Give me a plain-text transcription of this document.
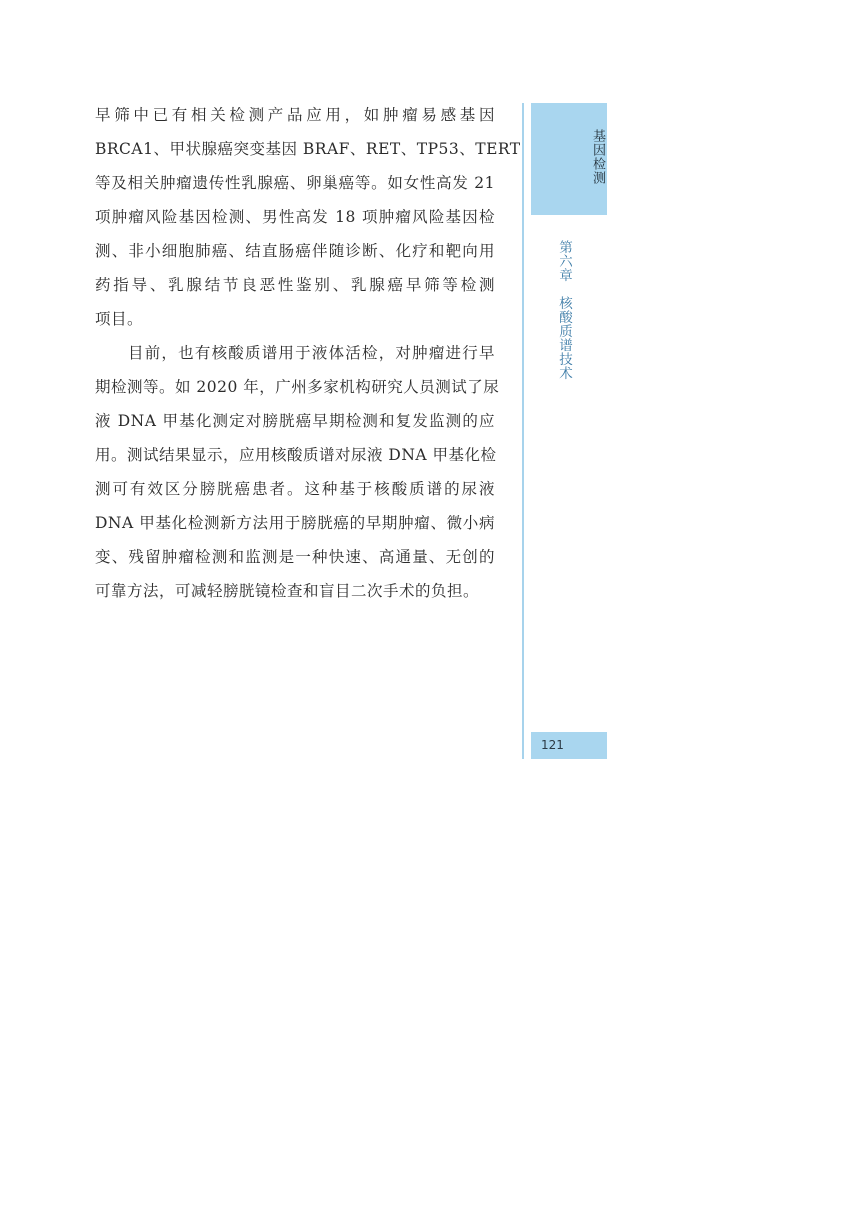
早筛中已有相关检测产品应用，如肿瘤易感基因
BRCA1、甲状腺癌突变基因 BRAF、RET、TP53、TERT
等及相关肿瘤遗传性乳腺癌、卵巢癌等。如女性高发 21
项肿瘤风险基因检测、男性高发 18 项肿瘤风险基因检
测、非小细胞肺癌、结直肠癌伴随诊断、化疗和靶向用
药指导、乳腺结节良恶性鉴别、乳腺癌早筛等检测
项目。
目前，也有核酸质谱用于液体活检，对肿瘤进行早
期检测等。如 2020 年，广州多家机构研究人员测试了尿
液 DNA 甲基化测定对膀胱癌早期检测和复发监测的应
用。测试结果显示，应用核酸质谱对尿液 DNA 甲基化检
测可有效区分膀胱癌患者。这种基于核酸质谱的尿液
DNA 甲基化检测新方法用于膀胱癌的早期肿瘤、微小病
变、残留肿瘤检测和监测是一种快速、高通量、无创的
可靠方法，可减轻膀胱镜检查和盲目二次手术的负担。
基因检测
第六章　核酸质谱技术
121
